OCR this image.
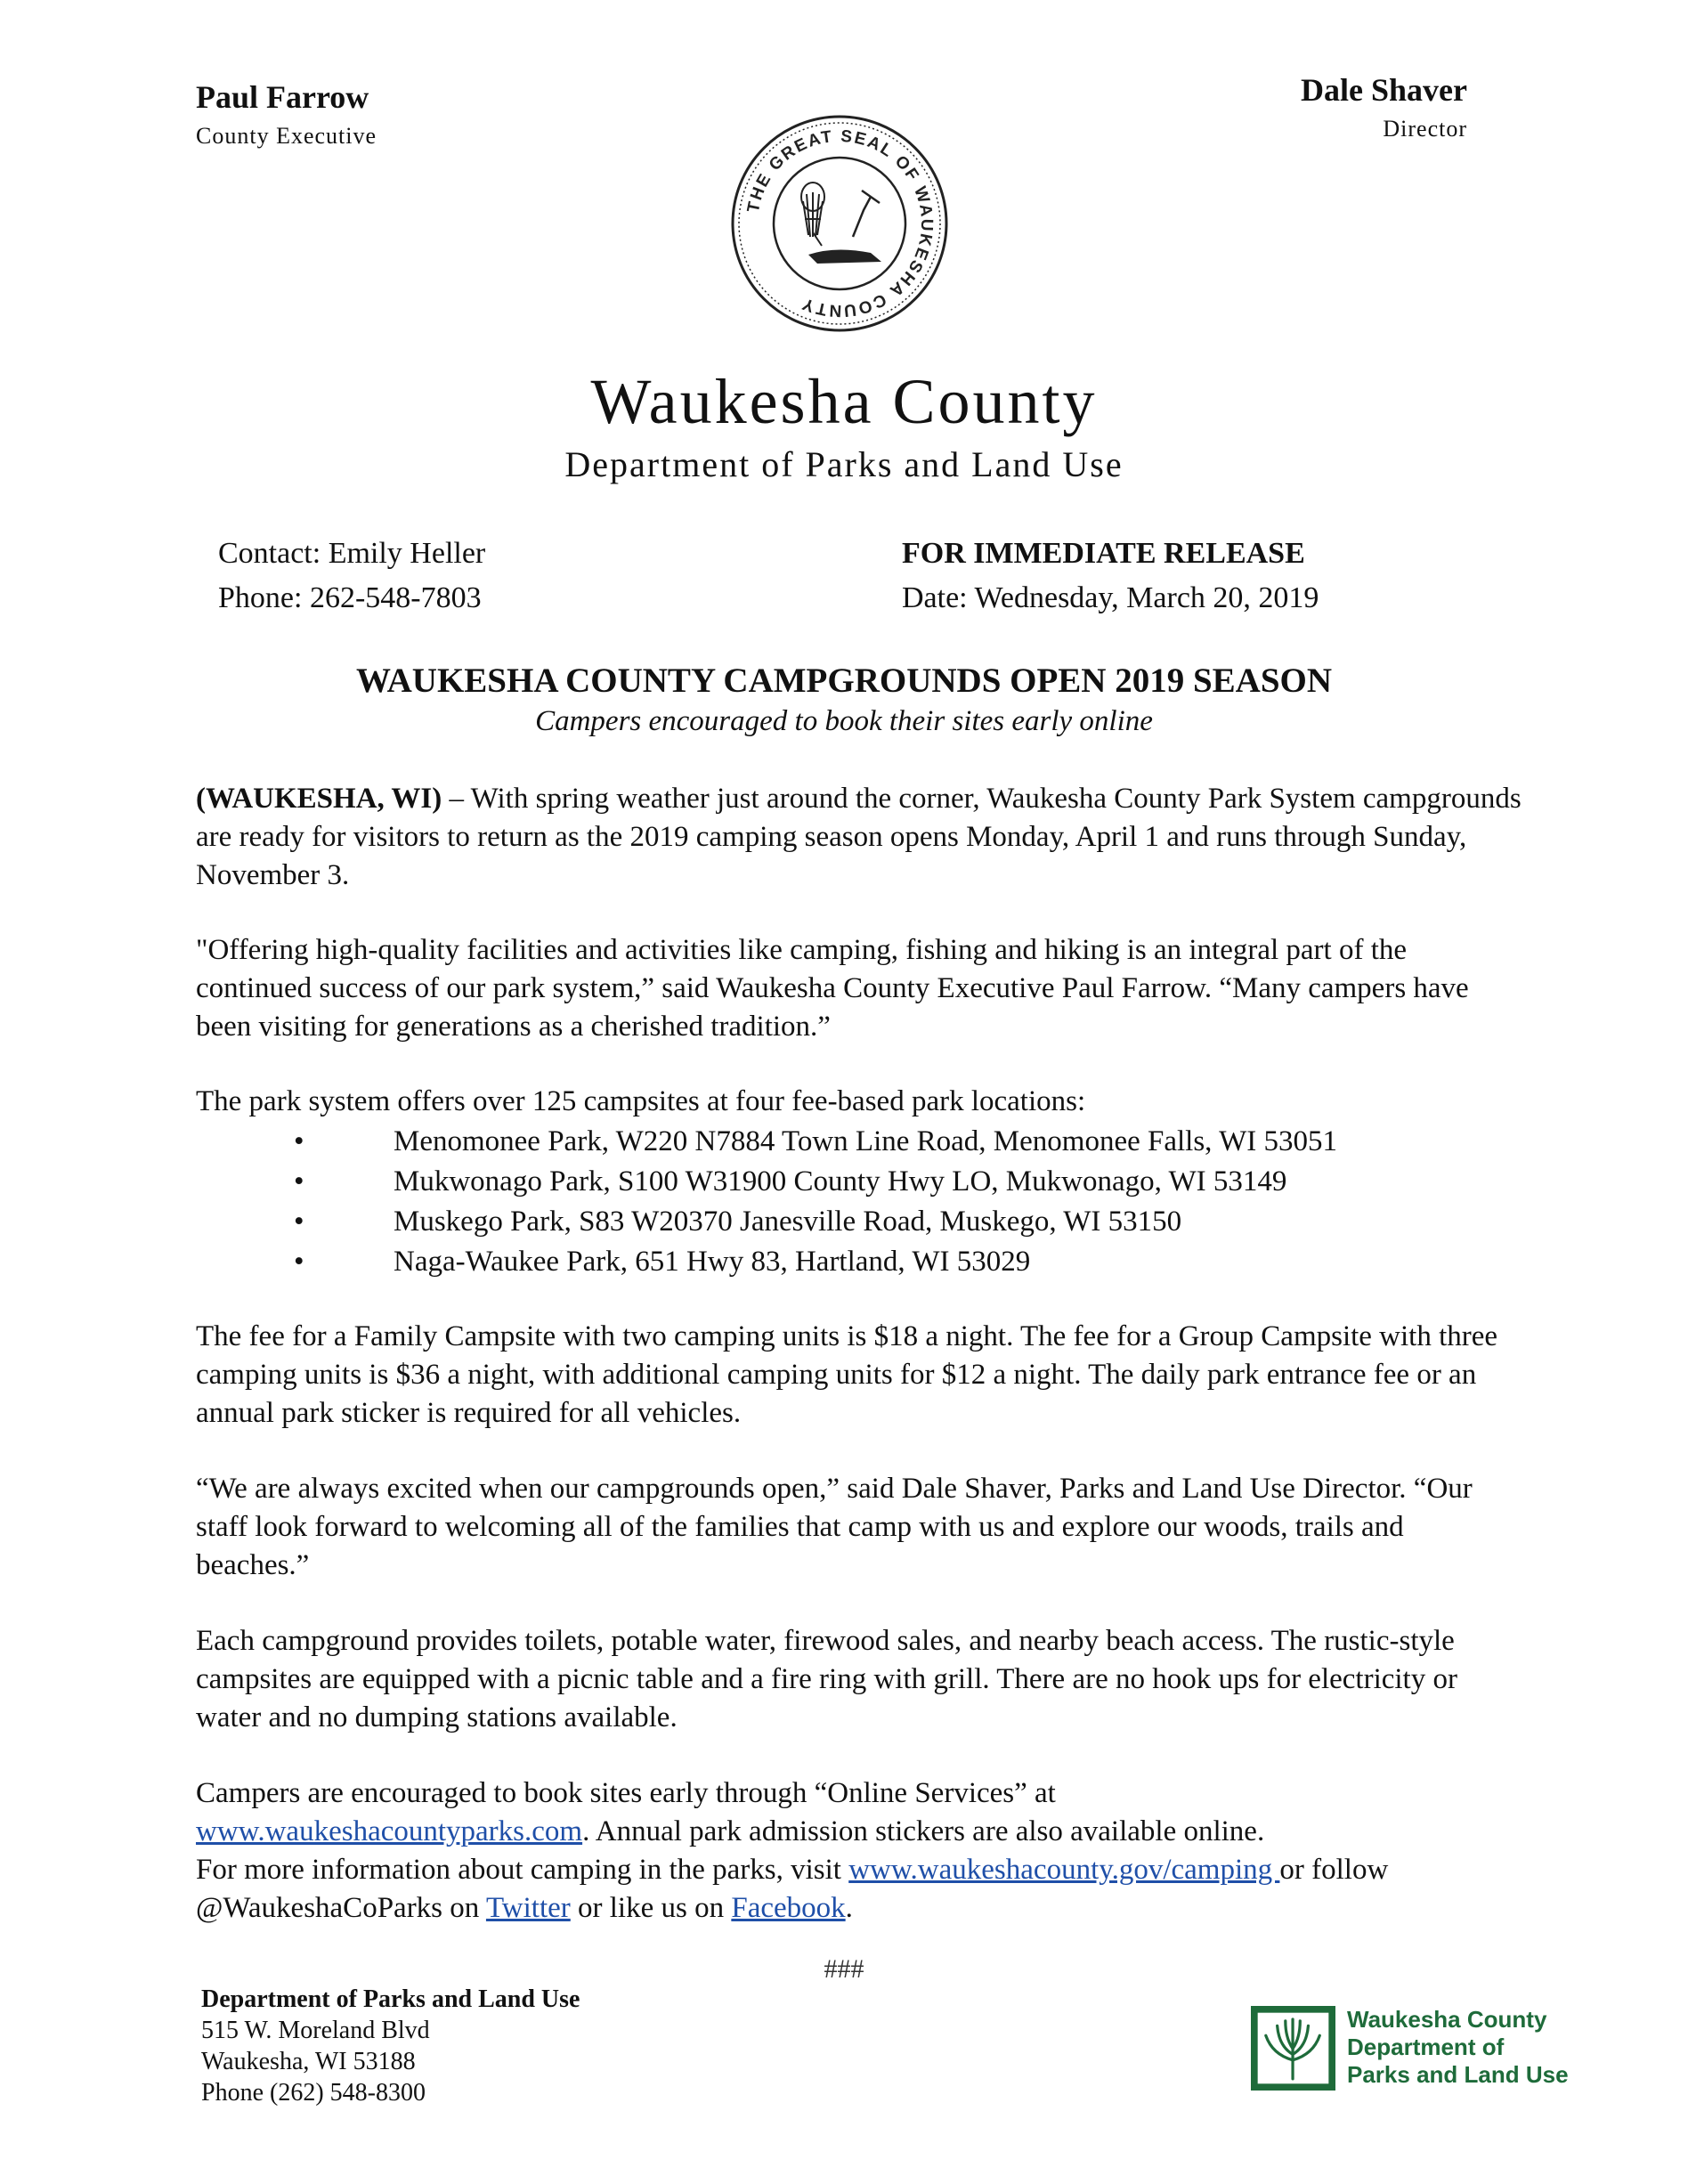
Paul Farrow
County Executive
Dale Shaver
Director
THE GREAT SEAL OF WAUKESHA COUNTY
Waukesha County
Department of Parks and Land Use
Contact: Emily Heller
Phone: 262-548-7803
FOR IMMEDIATE RELEASE
Date: Wednesday, March 20, 2019
WAUKESHA COUNTY CAMPGROUNDS OPEN 2019 SEASON
Campers encouraged to book their sites early online
(WAUKESHA, WI) – With spring weather just around the corner, Waukesha County Park System campgrounds are ready for visitors to return as the 2019 camping season opens Monday, April 1 and runs through Sunday, November 3.
"Offering high-quality facilities and activities like camping, fishing and hiking is an integral part of the continued success of our park system,” said Waukesha County Executive Paul Farrow. “Many campers have been visiting for generations as a cherished tradition.”
The park system offers over 125 campsites at four fee-based park locations:
•	Menomonee Park, W220 N7884 Town Line Road, Menomonee Falls, WI 53051
•	Mukwonago Park, S100 W31900 County Hwy LO, Mukwonago, WI 53149
•	Muskego Park, S83 W20370 Janesville Road, Muskego, WI 53150
•	Naga-Waukee Park, 651 Hwy 83, Hartland, WI 53029
The fee for a Family Campsite with two camping units is $18 a night. The fee for a Group Campsite with three camping units is $36 a night, with additional camping units for $12 a night. The daily park entrance fee or an annual park sticker is required for all vehicles.
“We are always excited when our campgrounds open,” said Dale Shaver, Parks and Land Use Director. “Our staff look forward to welcoming all of the families that camp with us and explore our woods, trails and beaches.”
Each campground provides toilets, potable water, firewood sales, and nearby beach access. The rustic-style campsites are equipped with a picnic table and a fire ring with grill. There are no hook ups for electricity or water and no dumping stations available.
Campers are encouraged to book sites early through “Online Services” at
www.waukeshacountyparks.com. Annual park admission stickers are also available online.
For more information about camping in the parks, visit www.waukeshacounty.gov/camping or follow @WaukeshaCoParks on Twitter or like us on Facebook.
###
Department of Parks and Land Use
515 W. Moreland Blvd
Waukesha, WI 53188
Phone (262) 548-8300
Waukesha County
Department of
Parks and Land Use
